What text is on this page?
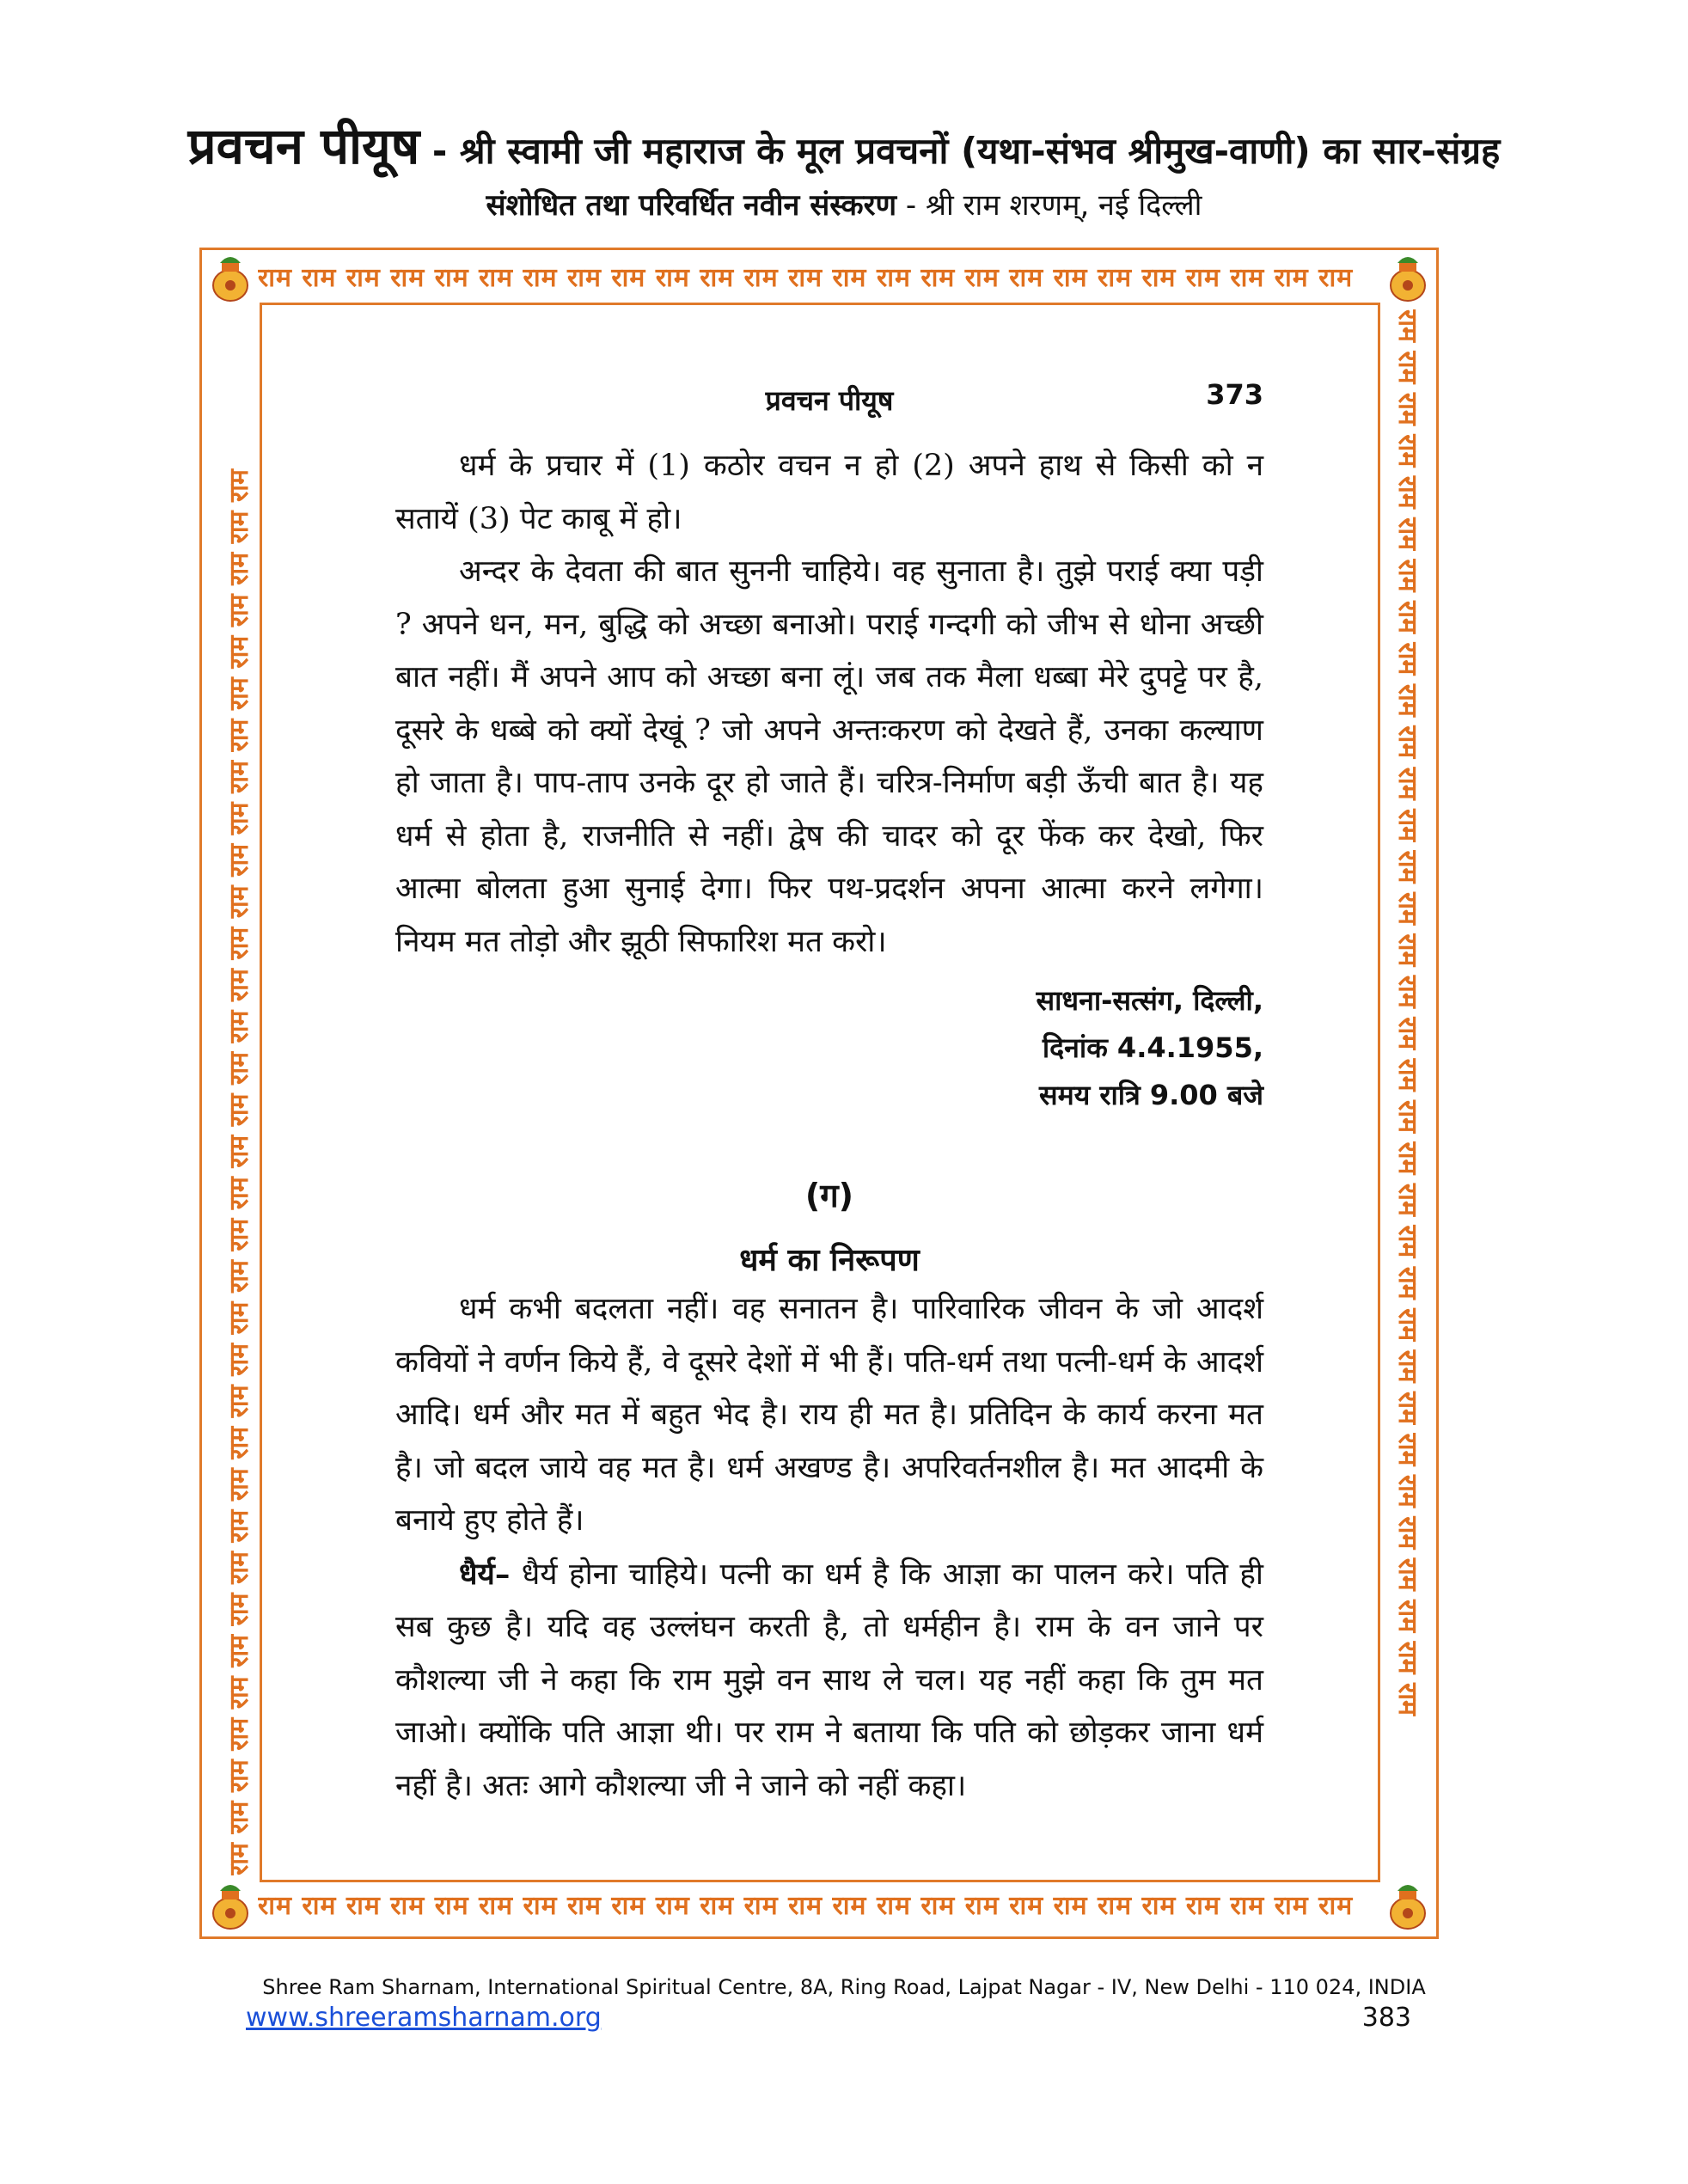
प्रवचन पीयूष - श्री स्वामी जी महाराज के मूल प्रवचनों (यथा-संभव श्रीमुख-वाणी) का सार-संग्रह
संशोधित तथा परिवर्धित नवीन संस्करण - श्री राम शरणम्, नई दिल्ली
राम राम राम राम राम राम राम राम राम राम राम राम राम राम राम राम राम राम राम राम राम राम राम राम राम
राम राम राम राम राम राम राम राम राम राम राम राम राम राम राम राम राम राम राम राम राम राम राम राम राम
राम राम राम राम राम राम राम राम राम राम राम राम राम राम राम राम राम राम राम राम राम राम राम राम राम राम राम राम राम राम राम राम राम राम	राम राम राम राम राम राम राम राम राम राम राम राम राम राम राम राम राम राम राम राम राम राम राम राम राम राम राम राम राम राम राम राम राम राम
प्रवचन पीयूष	373

धर्म के प्रचार में (1) कठोर वचन न हो (2) अपने हाथ से किसी को न सतायें (3) पेट काबू में हो।

अन्दर के देवता की बात सुननी चाहिये। वह सुनाता है। तुझे पराई क्या पड़ी ? अपने धन, मन, बुद्धि को अच्छा बनाओ। पराई गन्दगी को जीभ से धोना अच्छी बात नहीं। मैं अपने आप को अच्छा बना लूं। जब तक मैला धब्बा मेरे दुपट्टे पर है, दूसरे के धब्बे को क्यों देखूं ? जो अपने अन्तःकरण को देखते हैं, उनका कल्याण हो जाता है। पाप-ताप उनके दूर हो जाते हैं। चरित्र-निर्माण बड़ी ऊँची बात है। यह धर्म से होता है, राजनीति से नहीं। द्वेष की चादर को दूर फेंक कर देखो, फिर आत्मा बोलता हुआ सुनाई देगा। फिर पथ-प्रदर्शन अपना आत्मा करने लगेगा। नियम मत तोड़ो और झूठी सिफारिश मत करो।

साधना-सत्संग, दिल्ली,
दिनांक 4.4.1955,
समय रात्रि 9.00 बजे
(ग)
धर्म का निरूपण

धर्म कभी बदलता नहीं। वह सनातन है। पारिवारिक जीवन के जो आदर्श कवियों ने वर्णन किये हैं, वे दूसरे देशों में भी हैं। पति-धर्म तथा पत्नी-धर्म के आदर्श आदि। धर्म और मत में बहुत भेद है। राय ही मत है। प्रतिदिन के कार्य करना मत है। जो बदल जाये वह मत है। धर्म अखण्ड है। अपरिवर्तनशील है। मत आदमी के बनाये हुए होते हैं।

धैर्य– धैर्य होना चाहिये। पत्नी का धर्म है कि आज्ञा का पालन करे। पति ही सब कुछ है। यदि वह उल्लंघन करती है, तो धर्महीन है। राम के वन जाने पर कौशल्या जी ने कहा कि राम मुझे वन साथ ले चल। यह नहीं कहा कि तुम मत जाओ। क्योंकि पति आज्ञा थी। पर राम ने बताया कि पति को छोड़कर जाना धर्म नहीं है। अतः आगे कौशल्या जी ने जाने को नहीं कहा।

Shree Ram Sharnam, International Spiritual Centre, 8A, Ring Road, Lajpat Nagar - IV, New Delhi - 110 024, INDIA
www.shreeramsharnam.org	383
